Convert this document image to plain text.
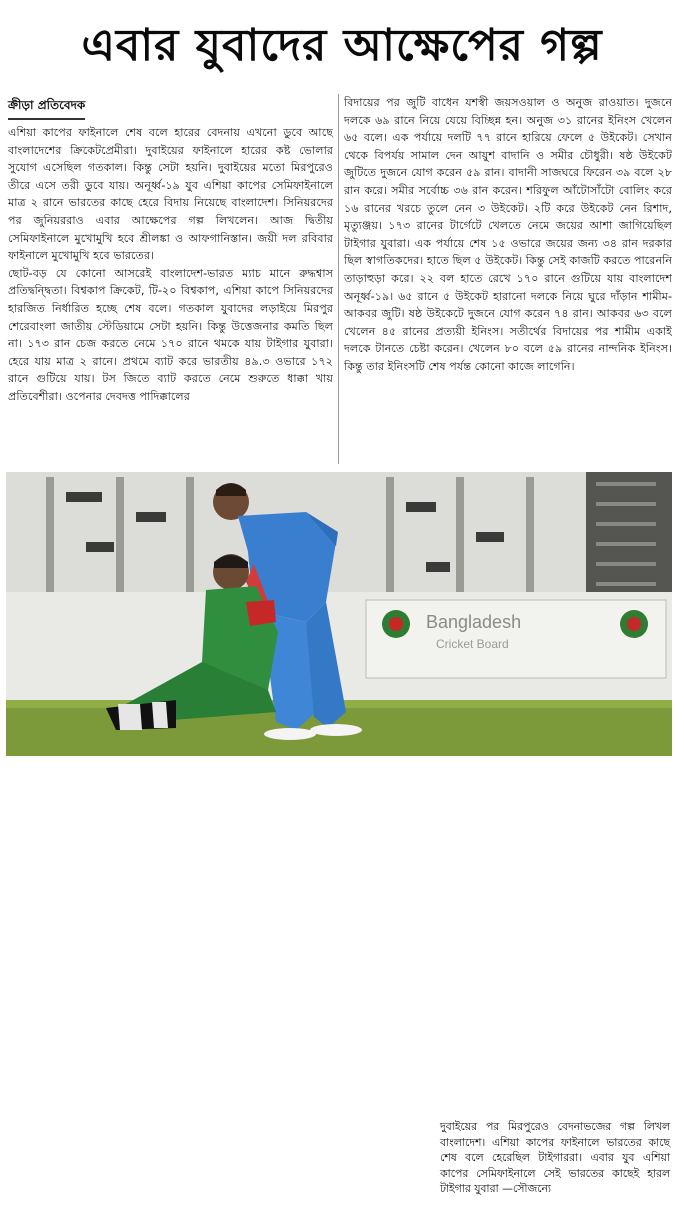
এবার যুবাদের আক্ষেপের গল্প
ক্রীড়া প্রতিবেদক

এশিয়া কাপের ফাইনালে শেষ বলে হারের বেদনায় এখনো ডুবে আছে বাংলাদেশের ক্রিকেটপ্রেমীরা। দুবাইয়ের ফাইনালে হারের কষ্ট ভোলার সুযোগ এসেছিল গতকাল। কিন্তু সেটা হয়নি। দুবাইয়ের মতো মিরপুরেও তীরে এসে তরী ডুবে যায়। অনূর্ধ্ব-১৯ যুব এশিয়া কাপের সেমিফাইনালে মাত্র ২ রানে ভারতের কাছে হেরে বিদায় নিয়েছে বাংলাদেশ। সিনিয়রদের পর জুনিয়ররাও এবার আক্ষেপের গল্প লিখলেন। আজ দ্বিতীয় সেমিফাইনালে মুখোমুখি হবে শ্রীলঙ্কা ও আফগানিস্তান। জয়ী দল রবিবার ফাইনালে মুখোমুখি হবে ভারতের।

ছোট-বড় যে কোনো আসরেই বাংলাদেশ-ভারত ম্যাচ মানে রুদ্ধশ্বাস প্রতিদ্বন্দ্বিতা। বিশ্বকাপ ক্রিকেট, টি-২০ বিশ্বকাপ, এশিয়া কাপে সিনিয়রদের হারজিত নির্ধারিত হচ্ছে শেষ বলে। গতকাল যুবাদের লড়াইয়ে মিরপুর শেরেবাংলা জাতীয় স্টেডিয়ামে সেটা হয়নি। কিন্তু উত্তেজনার কমতি ছিল না। ১৭৩ রান চেজ করতে নেমে ১৭০ রানে থমকে যায় টাইগার যুবারা। হেরে যায় মাত্র ২ রানে। প্রথমে ব্যাট করে ভারতীয় ৪৯.৩ ওভারে ১৭২ রানে গুটিয়ে যায়। টস জিতে ব্যাট করতে নেমে শুরুতে ধাক্কা খায় প্রতিবেশীরা। ওপেনার দেবদত্ত পাদিক্কালের

বিদায়ের পর জুটি বাধেন যশস্বী জয়সওয়াল ও অনুজ রাওয়াত। দুজনে দলকে ৬৯ রানে নিয়ে যেয়ে বিচ্ছিন্ন হন। অনুজ ৩১ রানের ইনিংস খেলেন ৬৫ বলে। এক পর্যায়ে দলটি ৭৭ রানে হারিয়ে ফেলে ৫ উইকেট। সেখান থেকে বিপর্যয় সামাল দেন আয়ুশ বাদানি ও সমীর চৌধুরী। ষষ্ঠ উইকেট জুটিতে দুজনে যোগ করেন ৫৯ রান। বাদানী সাজঘরে ফিরেন ৩৯ বলে ২৮ রান করে। সমীর সর্বোচ্চ ৩৬ রান করেন। শরিফুল আঁটোসাঁটো বোলিং করে ১৬ রানের খরচে তুলে নেন ৩ উইকেট। ২টি করে উইকেট নেন রিশাদ, মৃত্যুঞ্জয়। ১৭৩ রানের টার্গেটে খেলতে নেমে জয়ের আশা জাগিয়েছিল টাইগার যুবারা। এক পর্যায়ে শেষ ১৫ ওভারে জয়ের জন্য ৩৪ রান দরকার ছিল স্বাগতিকদের। হাতে ছিল ৫ উইকেট। কিন্তু সেই কাজটি করতে পারেননি তাড়াহুড়া করে। ২২ বল হাতে রেখে ১৭০ রানে গুটিয়ে যায় বাংলাদেশ অনূর্ধ্ব-১৯। ৬৫ রানে ৫ উইকেট হারানো দলকে নিয়ে ঘুরে দাঁড়ান শামীম-আকবর জুটি। ষষ্ঠ উইকেটে দুজনে যোগ করেন ৭৪ রান। আকবর ৬৩ বলে খেলেন ৪৫ রানের প্রত্যয়ী ইনিংস। সতীর্থের বিদায়ের পর শামীম একাই দলকে টানতে চেষ্টা করেন। খেলেন ৮০ বলে ৫৯ রানের নান্দনিক ইনিংস। কিন্তু তার ইনিংসটি শেষ পর্যন্ত কোনো কাজে লাগেনি।

Bangladesh
Cricket Board
দুবাইয়ের পর মিরপুরেও বেদনাভজের গল্প লিখল বাংলাদেশ। এশিয়া কাপের ফাইনালে ভারতের কাছে শেষ বলে হেরেছিল টাইগাররা। এবার যুব এশিয়া কাপের সেমিফাইনালে সেই ভারতের কাছেই হারল টাইগার যুবারা —সৌজন্যে
